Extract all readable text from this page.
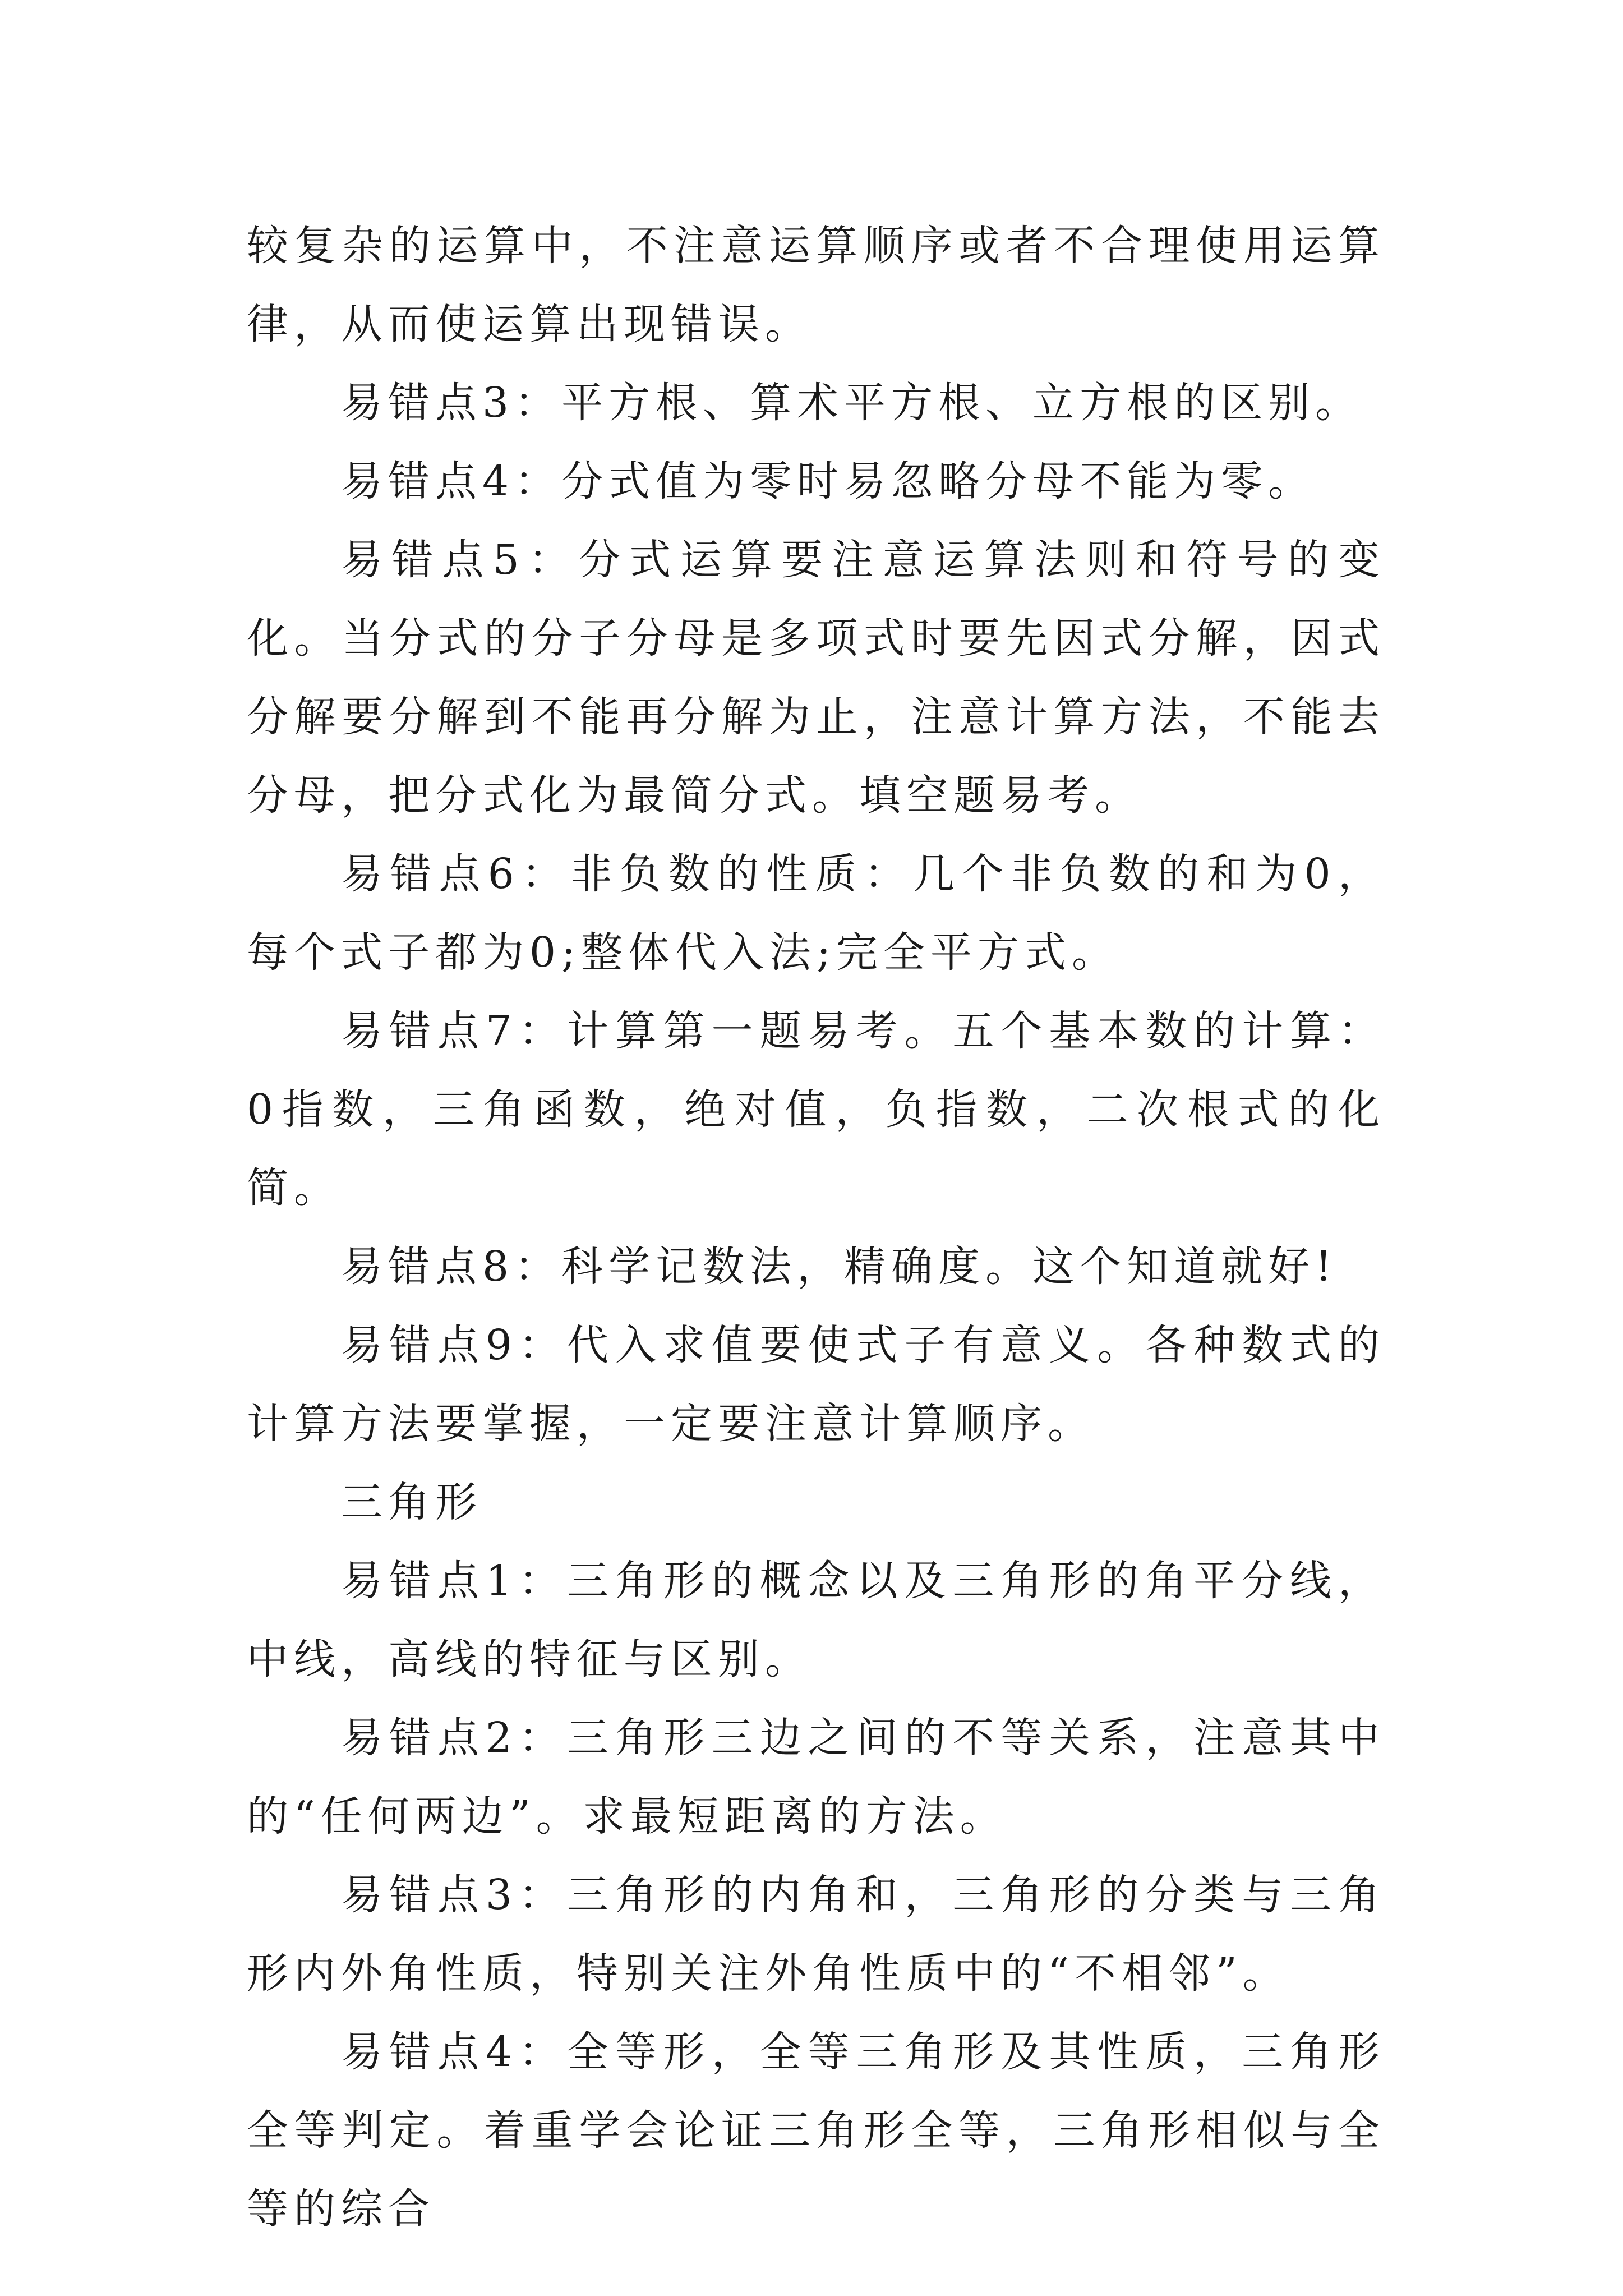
较复杂的运算中，不注意运算顺序或者不合理使用运算律，从而使运算出现错误。

易错点3：平方根、算术平方根、立方根的区别。

易错点4：分式值为零时易忽略分母不能为零。

易错点5：分式运算要注意运算法则和符号的变化。当分式的分子分母是多项式时要先因式分解，因式分解要分解到不能再分解为止，注意计算方法，不能去分母，把分式化为最简分式。填空题易考。

易错点6：非负数的性质：几个非负数的和为0，每个式子都为0;整体代入法;完全平方式。

易错点7：计算第一题易考。五个基本数的计算：0指数，三角函数，绝对值，负指数，二次根式的化简。

易错点8：科学记数法，精确度。这个知道就好!

易错点9：代入求值要使式子有意义。各种数式的计算方法要掌握，一定要注意计算顺序。

三角形

易错点1：三角形的概念以及三角形的角平分线，中线，高线的特征与区别。

易错点2：三角形三边之间的不等关系，注意其中的“任何两边”。求最短距离的方法。

易错点3：三角形的内角和，三角形的分类与三角形内外角性质，特别关注外角性质中的“不相邻”。

易错点4：全等形，全等三角形及其性质，三角形全等判定。着重学会论证三角形全等，三角形相似与全等的综合
